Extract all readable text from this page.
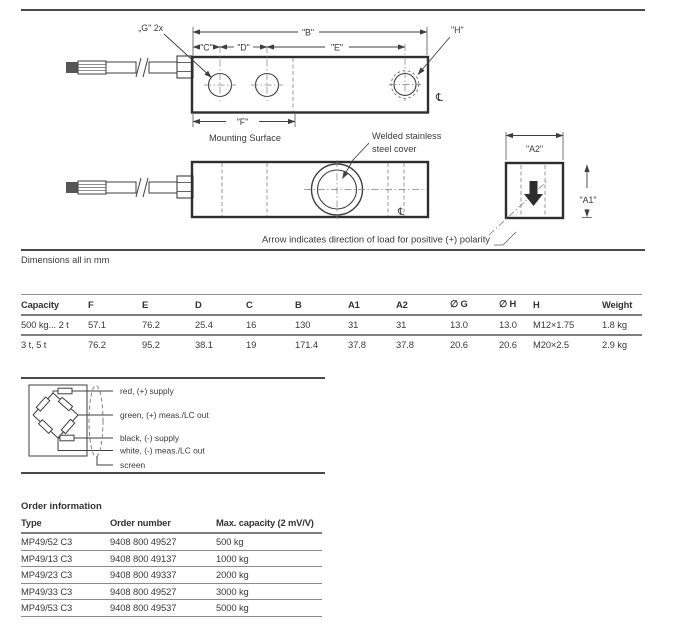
„G" 2x	"B"
"C"	"D"	"E"
"H"
℄
"F"
Mounting Surface
℄
Welded stainless
steel cover
Arrow indicates direction of load for positive (+) polarity
"A2"
"A1"
red, (+) supply
green, (+) meas./LC out
black, (-) supply
white, (-) meas./LC out
screen
Dimensions all in mm
Capacity	F	E	D	C	B	A1	A2	∅ G	∅ H	H	Weight
500 kg... 2 t	57.1	76.2	25.4	16	130	31	31	13.0	13.0	M12×1.75	1.8 kg
3 t, 5 t	76.2	95.2	38.1	19	171.4	37.8	37.8	20.6	20.6	M20×2.5	2.9 kg
Order information
Type	Order number	Max. capacity (2 mV/V)
MP49/52 C3	9408 800 49527	500 kg
MP49/13 C3	9408 800 49137	1000 kg
MP49/23 C3	9408 800 49337	2000 kg
MP49/33 C3	9408 800 49527	3000 kg
MP49/53 C3	9408 800 49537	5000 kg
